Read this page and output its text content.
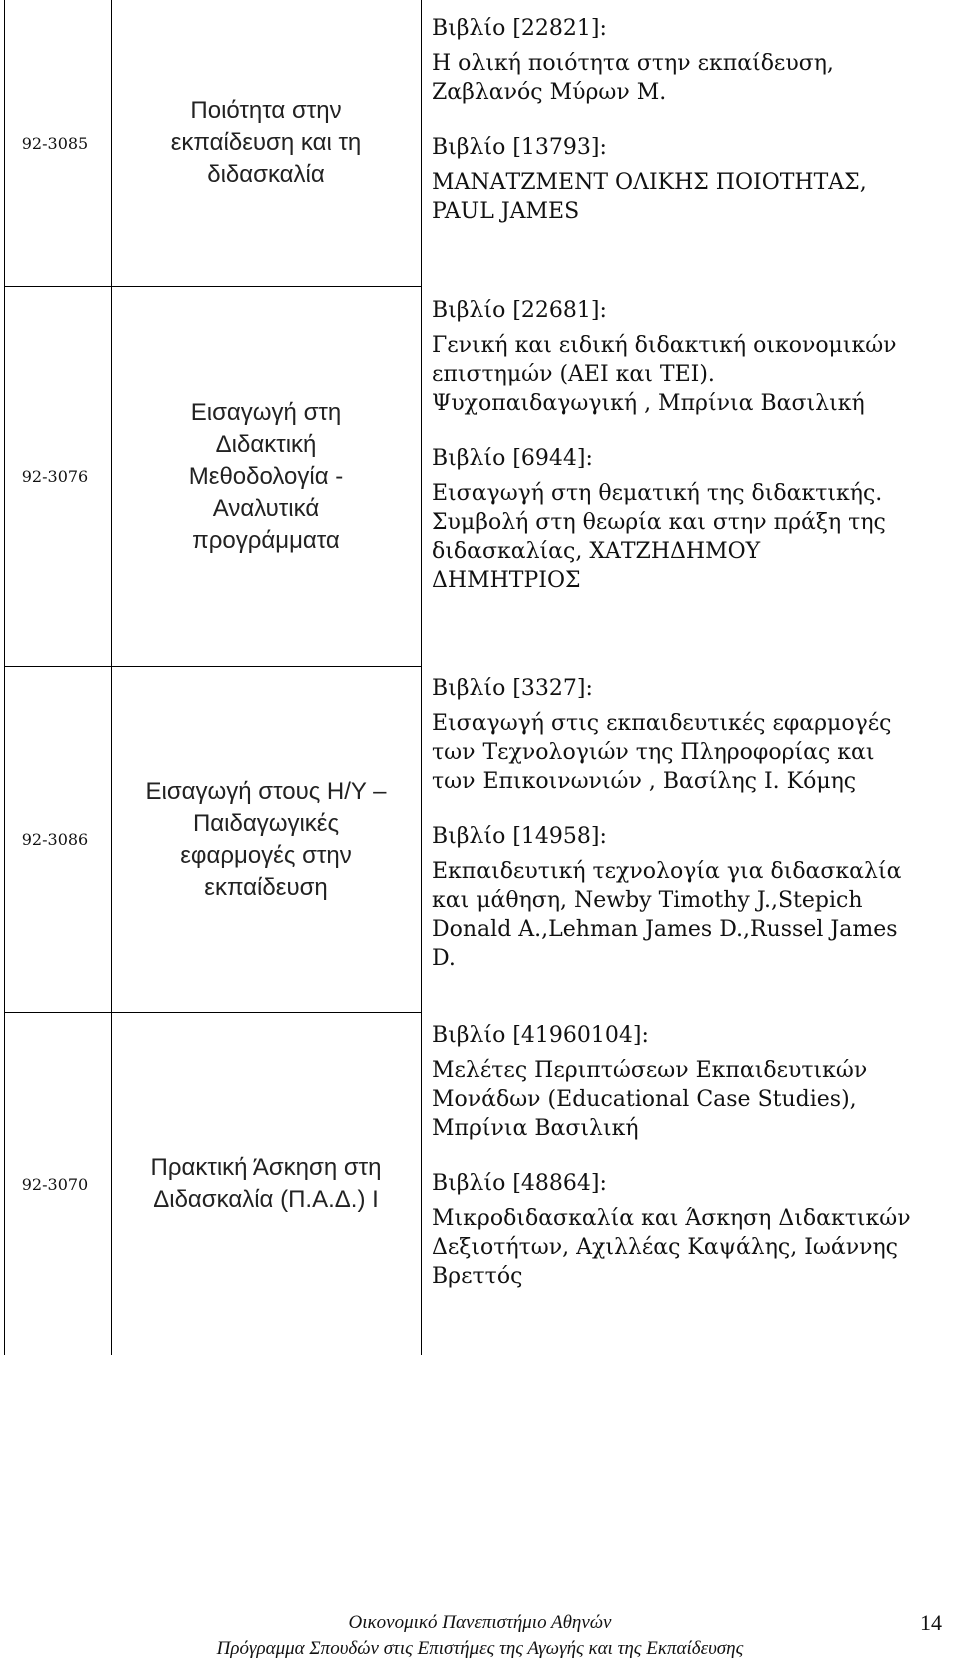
92-3085
Ποιότητα στην
εκπαίδευση και τη
διδασκαλία
Βιβλίο [22821]:
Η ολική ποιότητα στην εκπαίδευση,
Ζαβλανός Μύρων Μ.
Βιβλίο [13793]:
ΜΑΝΑΤΖΜΕΝΤ ΟΛΙΚΗΣ ΠΟΙΟΤΗΤΑΣ,
PAUL JAMES
92-3076
Εισαγωγή στη
Διδακτική
Μεθοδολογία -
Αναλυτικά
προγράμματα
Βιβλίο [22681]:
Γενική και ειδική διδακτική οικονομικών
επιστημών (ΑΕΙ και ΤΕΙ).
Ψυχοπαιδαγωγική , Μπρίνια Βασιλική
Βιβλίο [6944]:
Εισαγωγή στη θεματική της διδακτικής.
Συμβολή στη θεωρία και στην πράξη της
διδασκαλίας, ΧΑΤΖΗΔΗΜΟΥ
ΔΗΜΗΤΡΙΟΣ
92-3086
Εισαγωγή στους Η/Υ –
Παιδαγωγικές
εφαρμογές στην
εκπαίδευση
Βιβλίο [3327]:
Εισαγωγή στις εκπαιδευτικές εφαρμογές
των Τεχνολογιών της Πληροφορίας και
των Επικοινωνιών , Βασίλης Ι. Κόμης
Βιβλίο [14958]:
Εκπαιδευτική τεχνολογία για διδασκαλία
και μάθηση, Newby Timothy J.,Stepich
Donald A.,Lehman James D.,Russel James
D.
92-3070
Πρακτική Άσκηση στη
Διδασκαλία (Π.Α.Δ.) Ι
Βιβλίο [41960104]:
Μελέτες Περιπτώσεων Εκπαιδευτικών
Μονάδων (Educational Case Studies),
Μπρίνια Βασιλική
Βιβλίο [48864]:
Μικροδιδασκαλία και Άσκηση Διδακτικών
Δεξιοτήτων, Αχιλλέας Καψάλης, Ιωάννης
Βρεττός
Οικονομικό Πανεπιστήμιο Αθηνών
Πρόγραμμα Σπουδών στις Επιστήμες της Αγωγής και της Εκπαίδευσης
14
